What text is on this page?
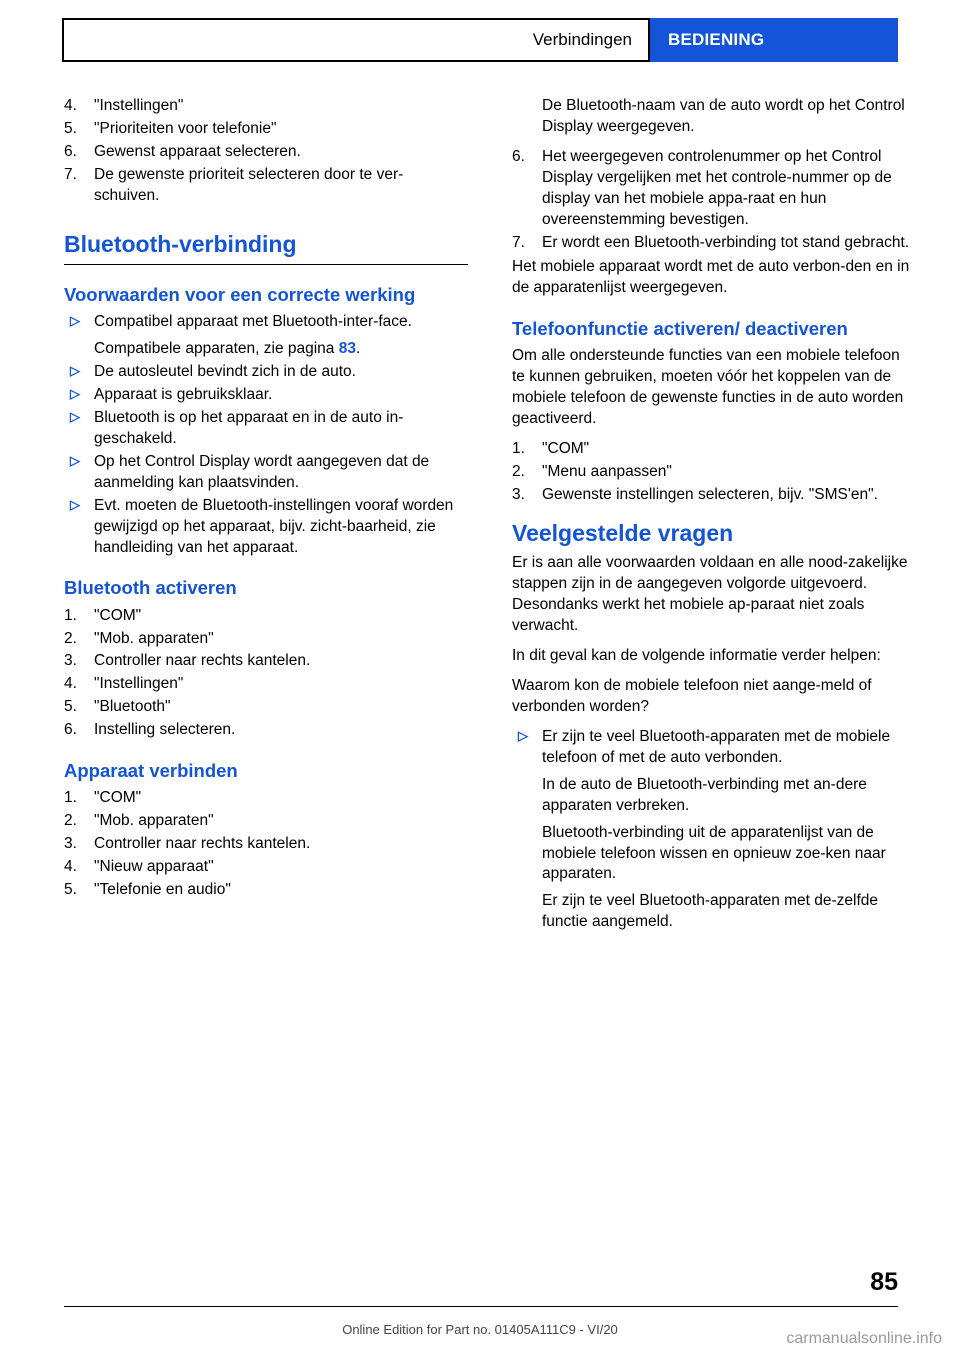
Verbindingen	BEDIENING
4.	"Instellingen"
5.	"Prioriteiten voor telefonie"
6.	Gewenst apparaat selecteren.
7.	De gewenste prioriteit selecteren door te ver-schuiven.
Bluetooth-verbinding
Voorwaarden voor een correcte werking
▷ Compatibel apparaat met Bluetooth-inter-face.
Compatibele apparaten, zie pagina 83.
▷ De autosleutel bevindt zich in de auto.
▷ Apparaat is gebruiksklaar.
▷ Bluetooth is op het apparaat en in de auto in-geschakeld.
▷ Op het Control Display wordt aangegeven dat de aanmelding kan plaatsvinden.
▷ Evt. moeten de Bluetooth-instellingen vooraf worden gewijzigd op het apparaat, bijv. zicht-baarheid, zie handleiding van het apparaat.
Bluetooth activeren
1.	"COM"
2.	"Mob. apparaten"
3.	Controller naar rechts kantelen.
4.	"Instellingen"
5.	"Bluetooth"
6.	Instelling selecteren.
Apparaat verbinden
1.	"COM"
2.	"Mob. apparaten"
3.	Controller naar rechts kantelen.
4.	"Nieuw apparaat"
5.	"Telefonie en audio"

De Bluetooth-naam van de auto wordt op het Control Display weergegeven.

6.	Het weergegeven controlenummer op het Control Display vergelijken met het controle-nummer op de display van het mobiele appa-raat en hun overeenstemming bevestigen.
7.	Er wordt een Bluetooth-verbinding tot stand gebracht.

Het mobiele apparaat wordt met de auto verbon-den en in de apparatenlijst weergegeven.

Telefoonfunctie activeren/ deactiveren

Om alle ondersteunde functies van een mobiele telefoon te kunnen gebruiken, moeten vóór het koppelen van de mobiele telefoon de gewenste functies in de auto worden geactiveerd.

1.	"COM"
2.	"Menu aanpassen"
3.	Gewenste instellingen selecteren, bijv. "SMS'en".
Veelgestelde vragen

Er is aan alle voorwaarden voldaan en alle nood-zakelijke stappen zijn in de aangegeven volgorde uitgevoerd. Desondanks werkt het mobiele ap-paraat niet zoals verwacht.

In dit geval kan de volgende informatie verder helpen:

Waarom kon de mobiele telefoon niet aange-meld of verbonden worden?

▷ Er zijn te veel Bluetooth-apparaten met de mobiele telefoon of met de auto verbonden.
In de auto de Bluetooth-verbinding met an-dere apparaten verbreken.
Bluetooth-verbinding uit de apparatenlijst van de mobiele telefoon wissen en opnieuw zoe-ken naar apparaten.
Er zijn te veel Bluetooth-apparaten met de-zelfde functie aangemeld.
85
Online Edition for Part no. 01405A111C9 - VI/20
carmanualsonline.info
